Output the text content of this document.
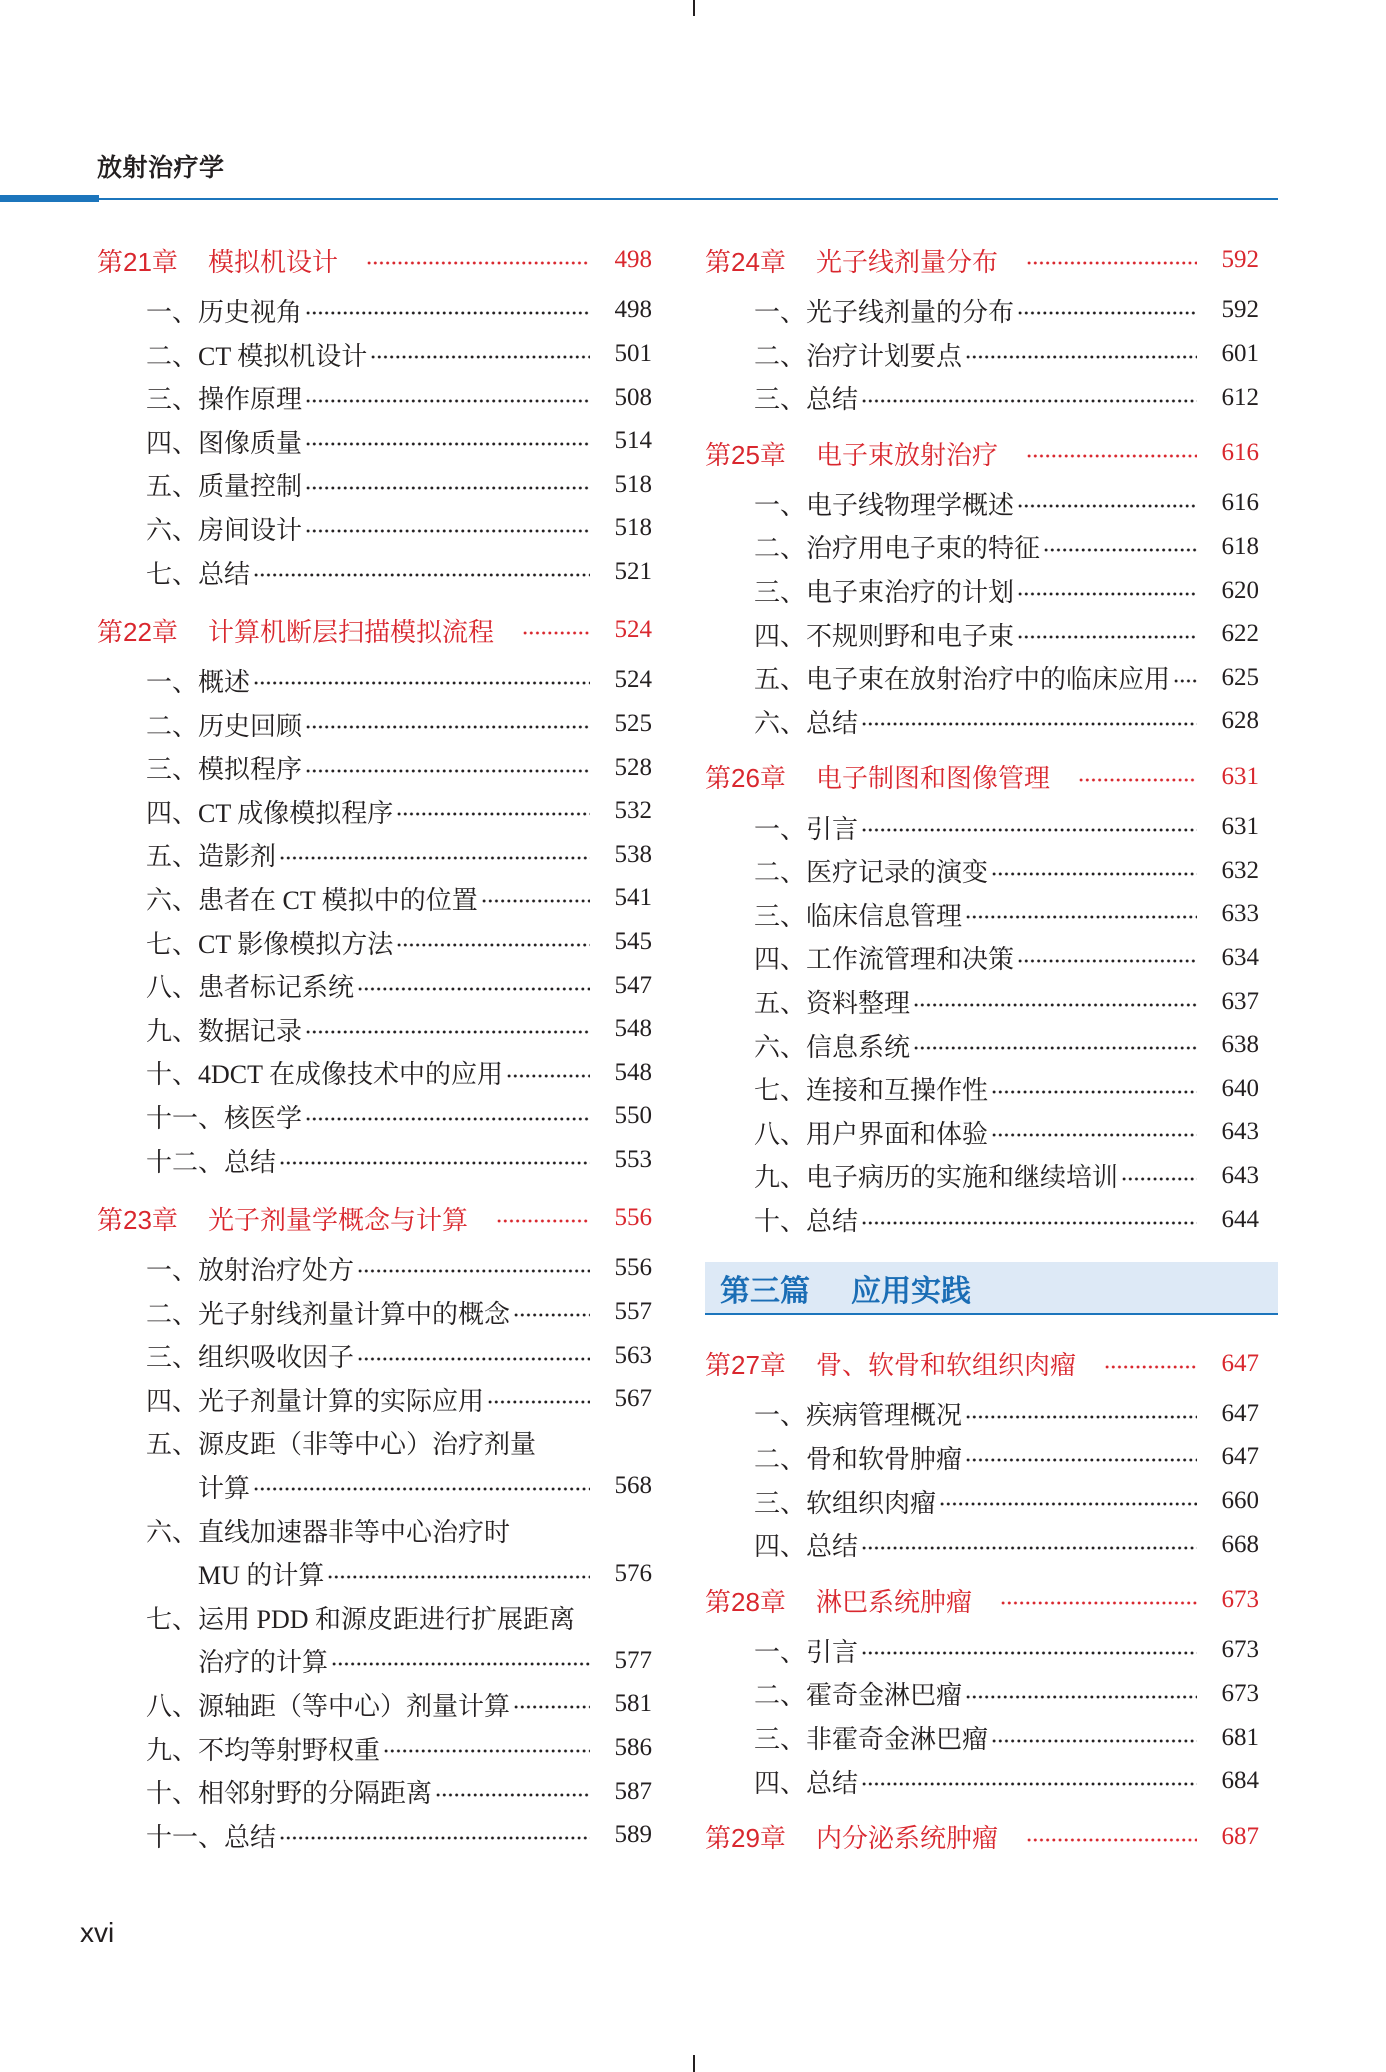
放射治疗学
第21章	模拟机设计	498
一、历史视角	498
二、CT 模拟机设计	501
三、操作原理	508
四、图像质量	514
五、质量控制	518
六、房间设计	518
七、总结	521
第22章	计算机断层扫描模拟流程	524
一、概述	524
二、历史回顾	525
三、模拟程序	528
四、CT 成像模拟程序	532
五、造影剂	538
六、患者在 CT 模拟中的位置	541
七、CT 影像模拟方法	545
八、患者标记系统	547
九、数据记录	548
十、4DCT 在成像技术中的应用	548
十一、核医学	550
十二、总结	553
第23章	光子剂量学概念与计算	556
一、放射治疗处方	556
二、光子射线剂量计算中的概念	557
三、组织吸收因子	563
四、光子剂量计算的实际应用	567
五、源皮距（非等中心）治疗剂量
计算	568
六、直线加速器非等中心治疗时
MU 的计算	576
七、运用 PDD 和源皮距进行扩展距离
治疗的计算	577
八、源轴距（等中心）剂量计算	581
九、不均等射野权重	586
十、相邻射野的分隔距离	587
十一、总结	589
第24章	光子线剂量分布	592
一、光子线剂量的分布	592
二、治疗计划要点	601
三、总结	612
第25章	电子束放射治疗	616
一、电子线物理学概述	616
二、治疗用电子束的特征	618
三、电子束治疗的计划	620
四、不规则野和电子束	622
五、电子束在放射治疗中的临床应用	625
六、总结	628
第26章	电子制图和图像管理	631
一、引言	631
二、医疗记录的演变	632
三、临床信息管理	633
四、工作流管理和决策	634
五、资料整理	637
六、信息系统	638
七、连接和互操作性	640
八、用户界面和体验	643
九、电子病历的实施和继续培训	643
十、总结	644
第三篇 应用实践
第27章	骨、软骨和软组织肉瘤	647
一、疾病管理概况	647
二、骨和软骨肿瘤	647
三、软组织肉瘤	660
四、总结	668
第28章	淋巴系统肿瘤	673
一、引言	673
二、霍奇金淋巴瘤	673
三、非霍奇金淋巴瘤	681
四、总结	684
第29章	内分泌系统肿瘤	687
xvi
